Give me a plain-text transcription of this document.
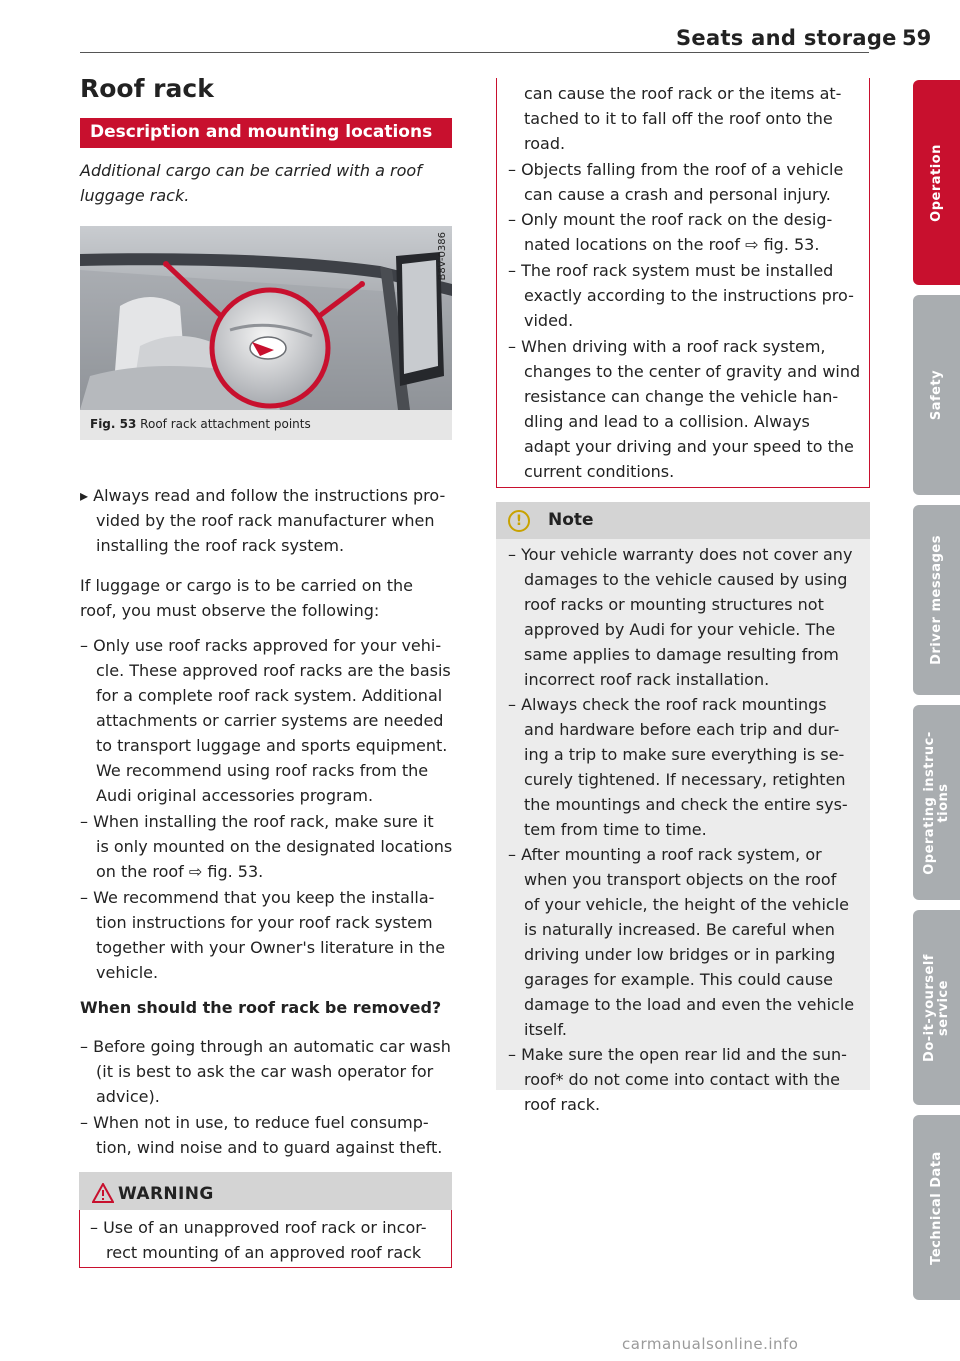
Seats and storage 59
Roof rack
Description and mounting locations
Additional cargo can be carried with a roof
luggage rack.
B8V-0386
Fig. 53 Roof rack attachment points
▸ Always read and follow the instructions pro-
vided by the roof rack manufacturer when
installing the roof rack system.
If luggage or cargo is to be carried on the
roof, you must observe the following:
– Only use roof racks approved for your vehi-
cle. These approved roof racks are the basis
for a complete roof rack system. Additional
attachments or carrier systems are needed
to transport luggage and sports equipment.
We recommend using roof racks from the
Audi original accessories program.
– When installing the roof rack, make sure it
is only mounted on the designated locations
on the roof ⇨ fig. 53.
– We recommend that you keep the installa-
tion instructions for your roof rack system
together with your Owner's literature in the
vehicle.
When should the roof rack be removed?
– Before going through an automatic car wash
(it is best to ask the car wash operator for
advice).
– When not in use, to reduce fuel consump-
tion, wind noise and to guard against theft.
WARNING
– Use of an unapproved roof rack or incor-
rect mounting of an approved roof rack
can cause the roof rack or the items at-
tached to it to fall off the roof onto the
road.
– Objects falling from the roof of a vehicle
can cause a crash and personal injury.
– Only mount the roof rack on the desig-
nated locations on the roof ⇨ fig. 53.
– The roof rack system must be installed
exactly according to the instructions pro-
vided.
– When driving with a roof rack system,
changes to the center of gravity and wind
resistance can change the vehicle han-
dling and lead to a collision. Always
adapt your driving and your speed to the
current conditions.
!	Note
– Your vehicle warranty does not cover any
damages to the vehicle caused by using
roof racks or mounting structures not
approved by Audi for your vehicle. The
same applies to damage resulting from
incorrect roof rack installation.
– Always check the roof rack mountings
and hardware before each trip and dur-
ing a trip to make sure everything is se-
curely tightened. If necessary, retighten
the mountings and check the entire sys-
tem from time to time.
– After mounting a roof rack system, or
when you transport objects on the roof
of your vehicle, the height of the vehicle
is naturally increased. Be careful when
driving under low bridges or in parking
garages for example. This could cause
damage to the load and even the vehicle
itself.
– Make sure the open rear lid and the sun-
roof* do not come into contact with the
roof rack.
Operation
Safety
Driver messages
Operating instruc-
tions
Do-it-yourself
service
Technical Data
carmanualsonline.info
